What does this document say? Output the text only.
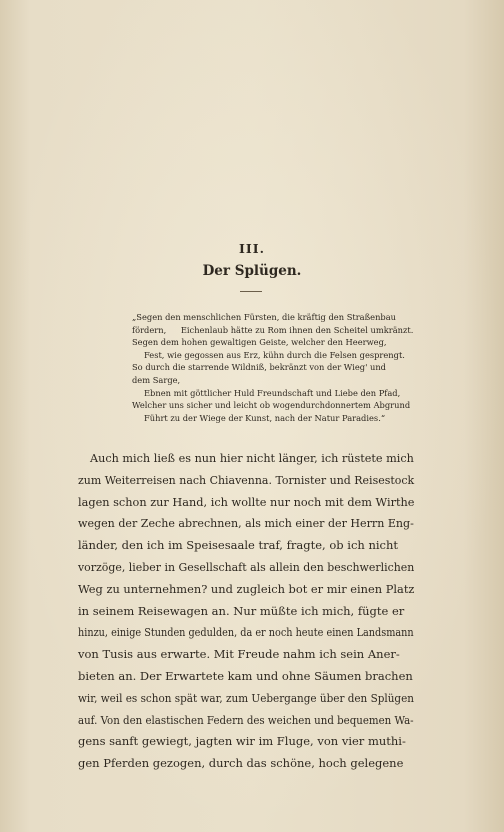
III.
Der Splügen.
„Segen den menschlichen Fürsten, die kräftig den Straßenbau fördern, Eichenlaub hätte zu Rom ihnen den Scheitel umkränzt. Segen dem hohen gewaltigen Geiste, welcher den Heerweg, Fest, wie gegossen aus Erz, kühn durch die Felsen gesprengt. So durch die starrende Wildniß, bekränzt von der Wieg' und dem Sarge, Ebnen mit göttlicher Huld Freundschaft und Liebe den Pfad, Welcher uns sicher und leicht ob wogendurchdonnertem Abgrund Führt zu der Wiege der Kunst, nach der Natur Paradies.“
Auch mich ließ es nun hier nicht länger, ich rüstete mich
zum Weiterreisen nach Chiavenna. Tornister und Reisestock
lagen schon zur Hand, ich wollte nur noch mit dem Wirthe
wegen der Zeche abrechnen, als mich einer der Herrn Eng-
länder, den ich im Speisesaale traf, fragte, ob ich nicht
vorzöge, lieber in Gesellschaft als allein den beschwerlichen
Weg zu unternehmen? und zugleich bot er mir einen Platz
in seinem Reisewagen an. Nur müßte ich mich, fügte er
hinzu, einige Stunden gedulden, da er noch heute einen Landsmann
von Tusis aus erwarte. Mit Freude nahm ich sein Aner-
bieten an. Der Erwartete kam und ohne Säumen brachen
wir, weil es schon spät war, zum Uebergange über den Splügen
auf. Von den elastischen Federn des weichen und bequemen Wa-
gens sanft gewiegt, jagten wir im Fluge, von vier muthi-
gen Pferden gezogen, durch das schöne, hoch gelegene
